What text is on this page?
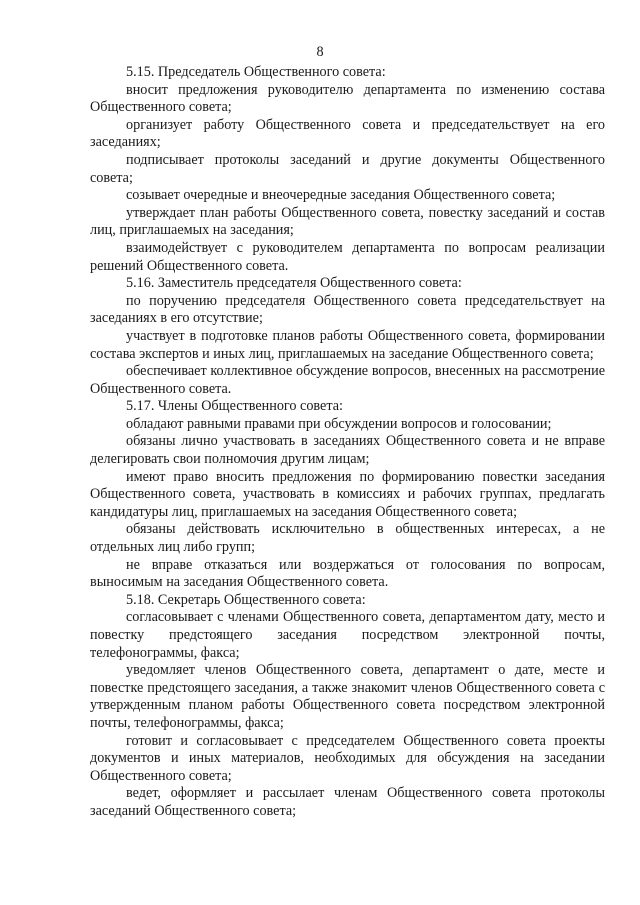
8

5.15. Председатель Общественного совета:

вносит предложения руководителю департамента по изменению состава Общественного совета;

организует работу Общественного совета и председательствует на его заседаниях;

подписывает протоколы заседаний и другие документы Общественного совета;

созывает очередные и внеочередные заседания Общественного совета;

утверждает план работы Общественного совета, повестку заседаний и состав лиц, приглашаемых на заседания;

взаимодействует с руководителем департамента по вопросам реализации решений Общественного совета.

5.16. Заместитель председателя Общественного совета:

по поручению председателя Общественного совета председательствует на заседаниях в его отсутствие;

участвует в подготовке планов работы Общественного совета, формировании состава экспертов и иных лиц, приглашаемых на заседание Общественного совета;

обеспечивает коллективное обсуждение вопросов, внесенных на рассмотрение Общественного совета.

5.17. Члены Общественного совета:

обладают равными правами при обсуждении вопросов и голосовании;

обязаны лично участвовать в заседаниях Общественного совета и не вправе делегировать свои полномочия другим лицам;

имеют право вносить предложения по формированию повестки заседания Общественного совета, участвовать в комиссиях и рабочих группах, предлагать кандидатуры лиц, приглашаемых на заседания Общественного совета;

обязаны действовать исключительно в общественных интересах, а не отдельных лиц либо групп;

не вправе отказаться или воздержаться от голосования по вопросам, выносимым на заседания Общественного совета.

5.18. Секретарь Общественного совета:

согласовывает с членами Общественного совета, департаментом дату, место и повестку предстоящего заседания посредством электронной почты, телефонограммы, факса;

уведомляет членов Общественного совета, департамент о дате, месте и повестке предстоящего заседания, а также знакомит членов Общественного совета с утвержденным планом работы Общественного совета посредством электронной почты, телефонограммы, факса;

готовит и согласовывает с председателем Общественного совета проекты документов и иных материалов, необходимых для обсуждения на заседании Общественного совета;

ведет, оформляет и рассылает членам Общественного совета протоколы заседаний Общественного совета;
